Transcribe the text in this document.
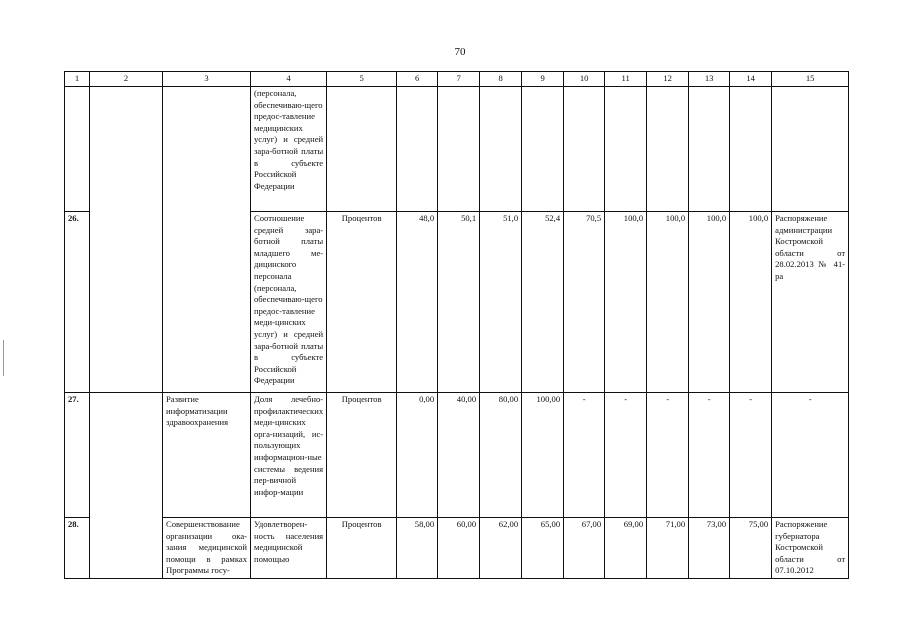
70
1	2	3	4	5	6	7	8	9	10	11	12	13	14	15
			(персонала, обеспечиваю-щего предос-тавление медицинских услуг) и средней зара-ботной платы в субъекте Российской Федерации											
26.			Соотношение средней зара-ботной платы младшего ме-дицинского персонала (персонала, обеспечиваю-щего предос-тавление меди-цинских услуг) и средней зара-ботной платы в субъекте Российской Федерации	Процентов	48,0	50,1	51,0	52,4	70,5	100,0	100,0	100,0	100,0	Распоряжение администрации Костромской области от 28.02.2013 № 41-ра
27.		Развитие информатизации здравоохранения	Доля лечебно-профилактических меди-цинских орга-низаций, ис-пользующих информацион-ные системы ведения пер-вичной инфор-мации	Процентов	0,00	40,00	80,00	100,00	-	-	-	-	-	-
28.		Совершенствование организации ока-зания медицинской помощи в рамках Программы госу-	Удовлетворен-ность населения медицинской помощью	Процентов	58,00	60,00	62,00	65,00	67,00	69,00	71,00	73,00	75,00	Распоряжение губернатора Костромской области от 07.10.2012
